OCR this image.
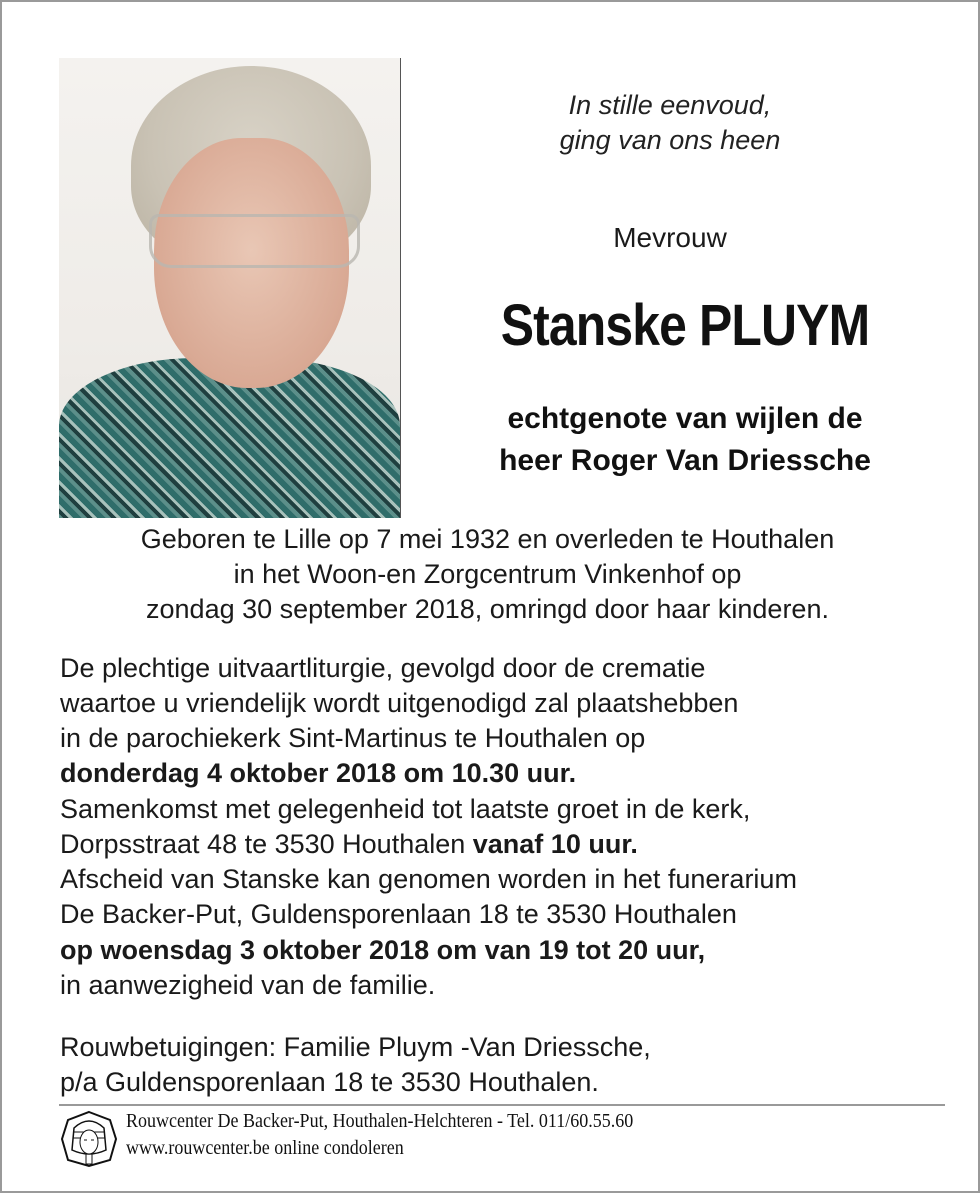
In stille eenvoud,
ging van ons heen
Mevrouw
Stanske PLUYM
echtgenote van wijlen de
heer Roger Van Driessche
Geboren te Lille op 7 mei 1932 en overleden te Houthalen
in het Woon-en Zorgcentrum Vinkenhof op
zondag 30 september 2018, omringd door haar kinderen.
De plechtige uitvaartliturgie, gevolgd door de crematie
waartoe u vriendelijk wordt uitgenodigd zal plaatshebben
in de parochiekerk Sint-Martinus te Houthalen op
donderdag 4 oktober 2018 om 10.30 uur.
Samenkomst met gelegenheid tot laatste groet in de kerk,
Dorpsstraat 48 te 3530 Houthalen vanaf 10 uur.
Afscheid van Stanske kan genomen worden in het funerarium
De Backer-Put, Guldensporenlaan 18 te 3530 Houthalen
op woensdag 3 oktober 2018 om van 19 tot 20 uur,
in aanwezigheid van de familie.
Rouwbetuigingen: Familie Pluym -Van Driessche,
p/a Guldensporenlaan 18 te 3530 Houthalen.
Rouwcenter De Backer-Put, Houthalen-Helchteren - Tel. 011/60.55.60
www.rouwcenter.be online condoleren
